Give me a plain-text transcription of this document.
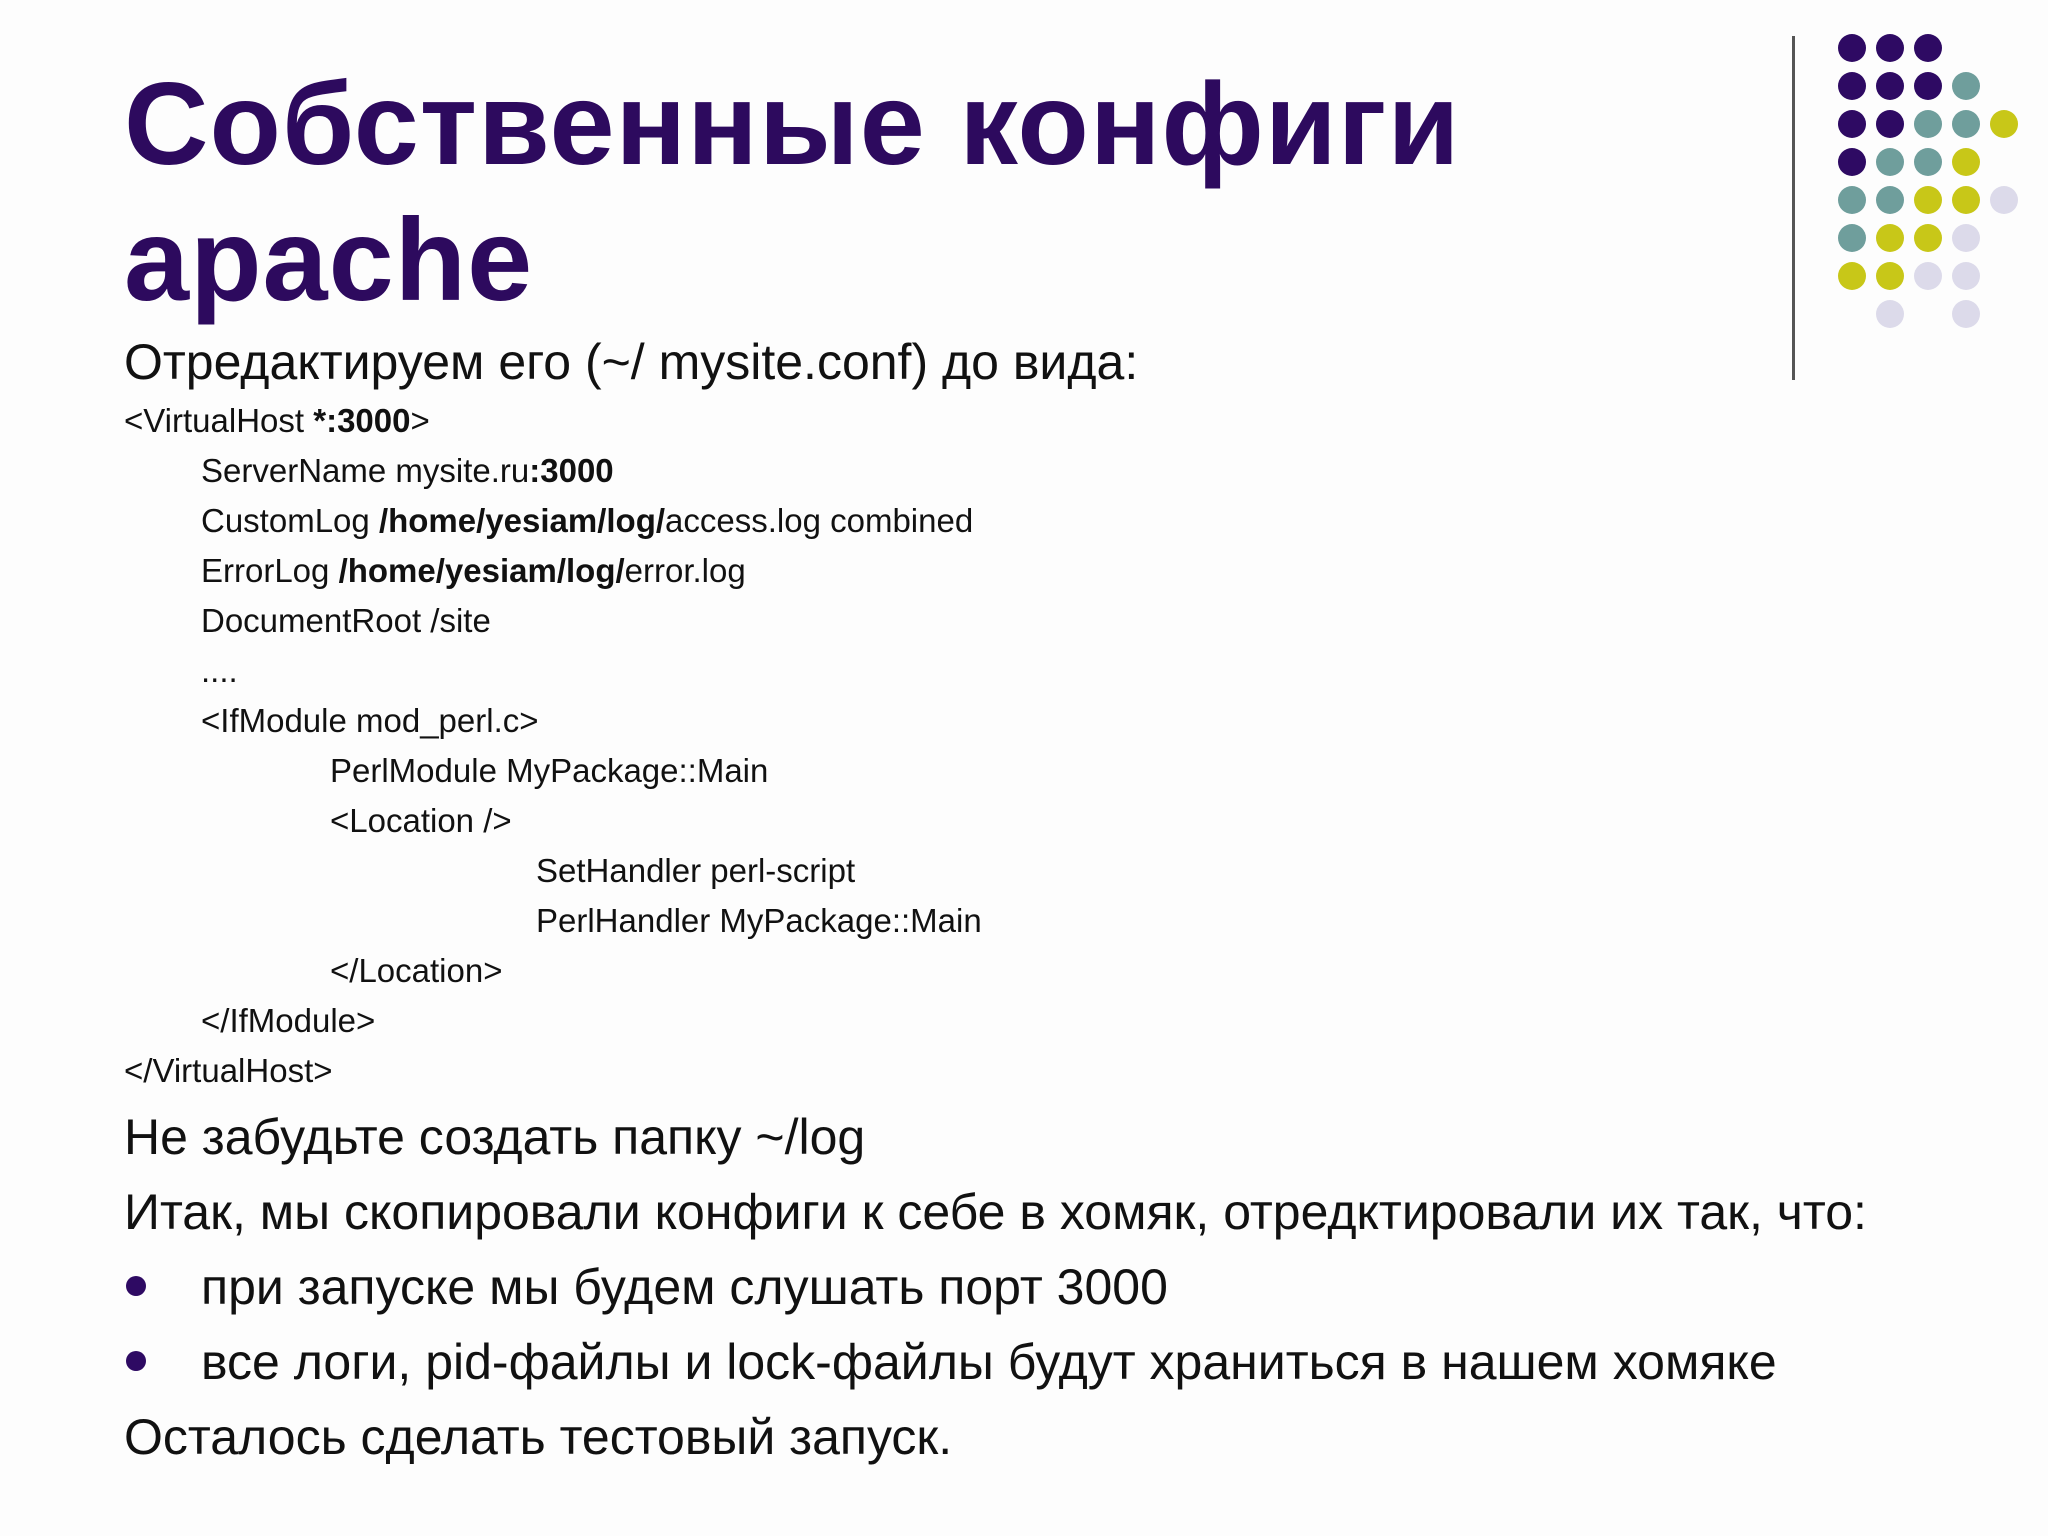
Собственные конфиги
apache
Отредактируем его (~/ mysite.conf) до вида:
<VirtualHost *:3000>
ServerName mysite.ru:3000
CustomLog /home/yesiam/log/access.log combined
ErrorLog /home/yesiam/log/error.log
DocumentRoot /site
....
<IfModule mod_perl.c>
PerlModule MyPackage::Main
<Location />
SetHandler perl-script
PerlHandler MyPackage::Main
</Location>
</IfModule>
</VirtualHost>
Не забудьте создать папку ~/log
Итак, мы скопировали конфиги к себе в хомяк, отредктировали их так, что:
при запуске мы будем слушать порт 3000
все логи, pid-файлы и lock-файлы будут храниться в нашем хомяке
Осталось сделать тестовый запуск.
